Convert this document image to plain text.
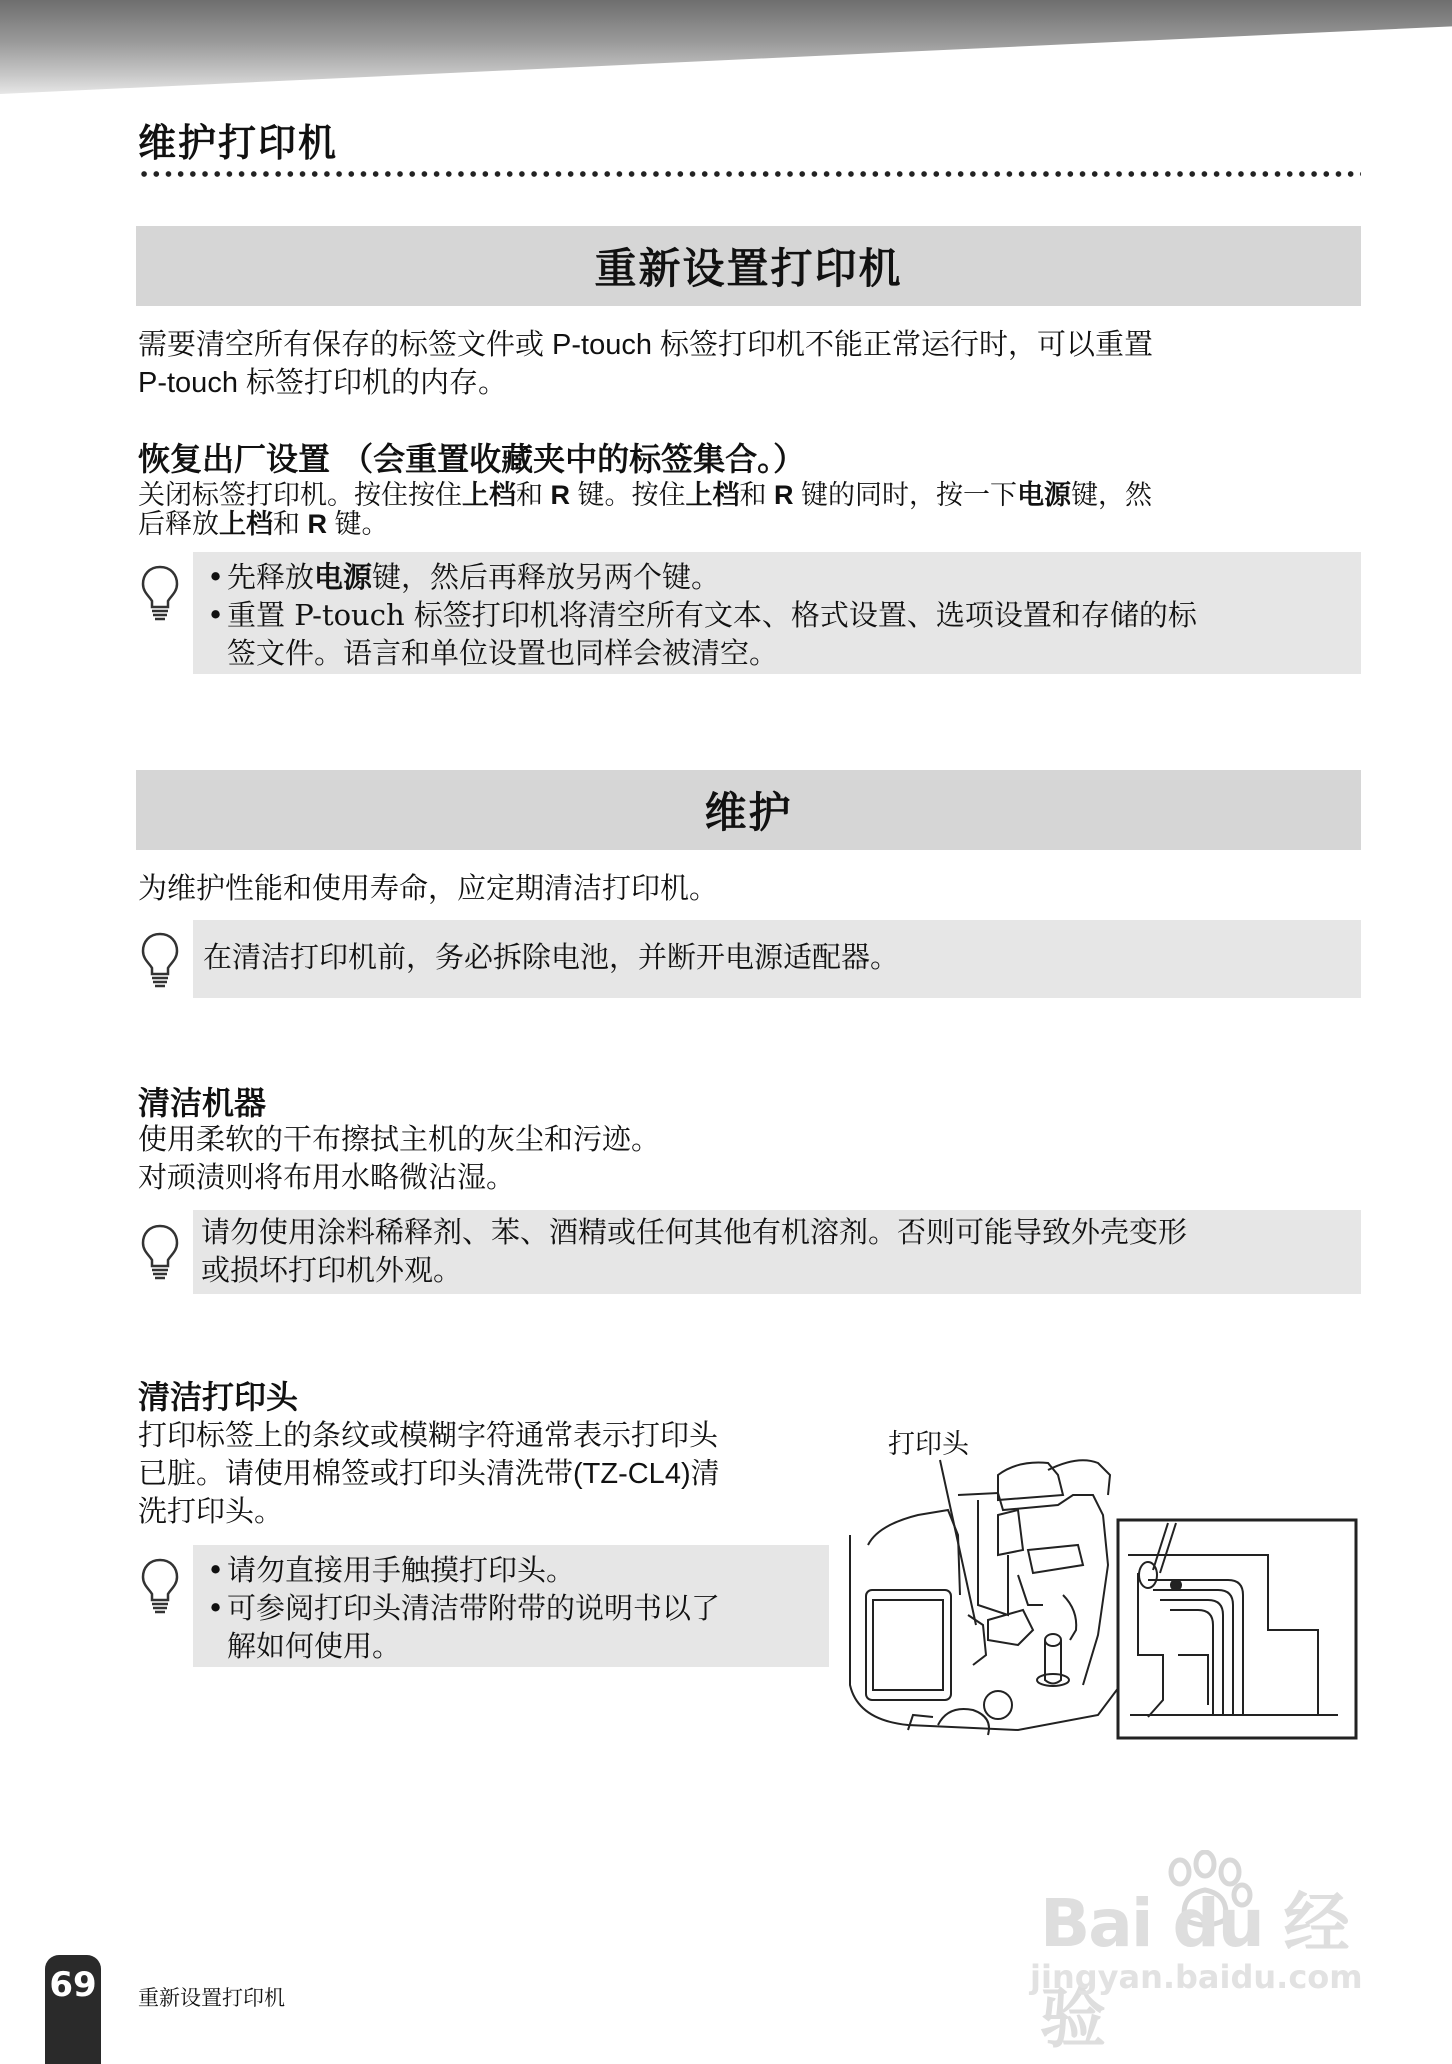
维护打印机
重新设置打印机
需要清空所有保存的标签文件或 P-touch 标签打印机不能正常运行时，可以重置
P-touch 标签打印机的内存。
恢复出厂设置 （会重置收藏夹中的标签集合。）
关闭标签打印机。按住按住上档和 R 键。按住上档和 R 键的同时，按一下电源键，然
后释放上档和 R 键。
• 先释放电源键，然后再释放另两个键。
• 重置 P-touch 标签打印机将清空所有文本、格式设置、选项设置和存储的标
签文件。语言和单位设置也同样会被清空。
维护
为维护性能和使用寿命，应定期清洁打印机。
在清洁打印机前，务必拆除电池，并断开电源适配器。
清洁机器
使用柔软的干布擦拭主机的灰尘和污迹。
对顽渍则将布用水略微沾湿。
请勿使用涂料稀释剂、苯、酒精或任何其他有机溶剂。否则可能导致外壳变形
或损坏打印机外观。
清洁打印头
打印标签上的条纹或模糊字符通常表示打印头
已脏。请使用棉签或打印头清洗带(TZ-CL4)清
洗打印头。
• 请勿直接用手触摸打印头。
• 可参阅打印头清洁带附带的说明书以了
解如何使用。
打印头
69 重新设置打印机
Bai du 经验
jingyan.baidu.com
